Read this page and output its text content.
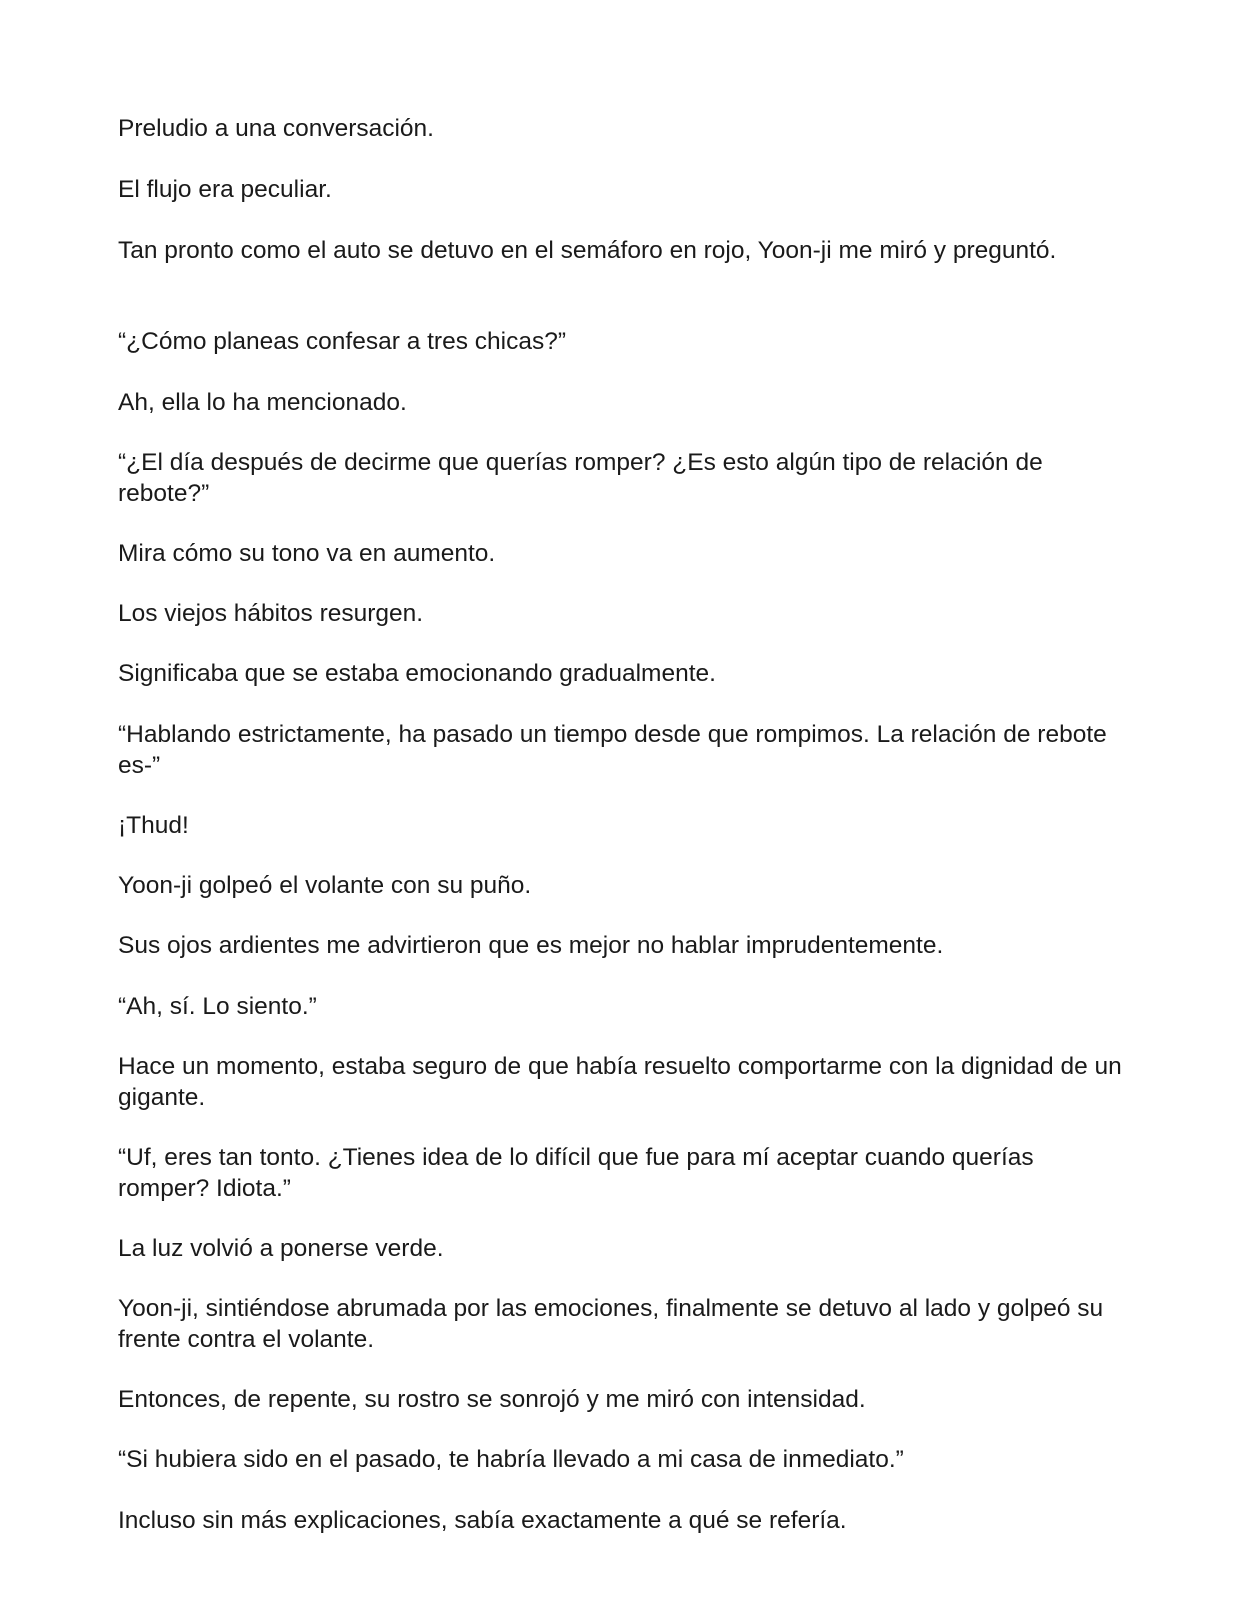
Preludio a una conversación.

El flujo era peculiar.

Tan pronto como el auto se detuvo en el semáforo en rojo, Yoon-ji me miró y preguntó.

“¿Cómo planeas confesar a tres chicas?”

Ah, ella lo ha mencionado.

“¿El día después de decirme que querías romper? ¿Es esto algún tipo de relación de rebote?”

Mira cómo su tono va en aumento.

Los viejos hábitos resurgen.

Significaba que se estaba emocionando gradualmente.

“Hablando estrictamente, ha pasado un tiempo desde que rompimos. La relación de rebote es-”

¡Thud!

Yoon-ji golpeó el volante con su puño.

Sus ojos ardientes me advirtieron que es mejor no hablar imprudentemente.

“Ah, sí. Lo siento.”

Hace un momento, estaba seguro de que había resuelto comportarme con la dignidad de un gigante.

“Uf, eres tan tonto. ¿Tienes idea de lo difícil que fue para mí aceptar cuando querías romper? Idiota.”

La luz volvió a ponerse verde.

Yoon-ji, sintiéndose abrumada por las emociones, finalmente se detuvo al lado y golpeó su frente contra el volante.

Entonces, de repente, su rostro se sonrojó y me miró con intensidad.

“Si hubiera sido en el pasado, te habría llevado a mi casa de inmediato.”

Incluso sin más explicaciones, sabía exactamente a qué se refería.
